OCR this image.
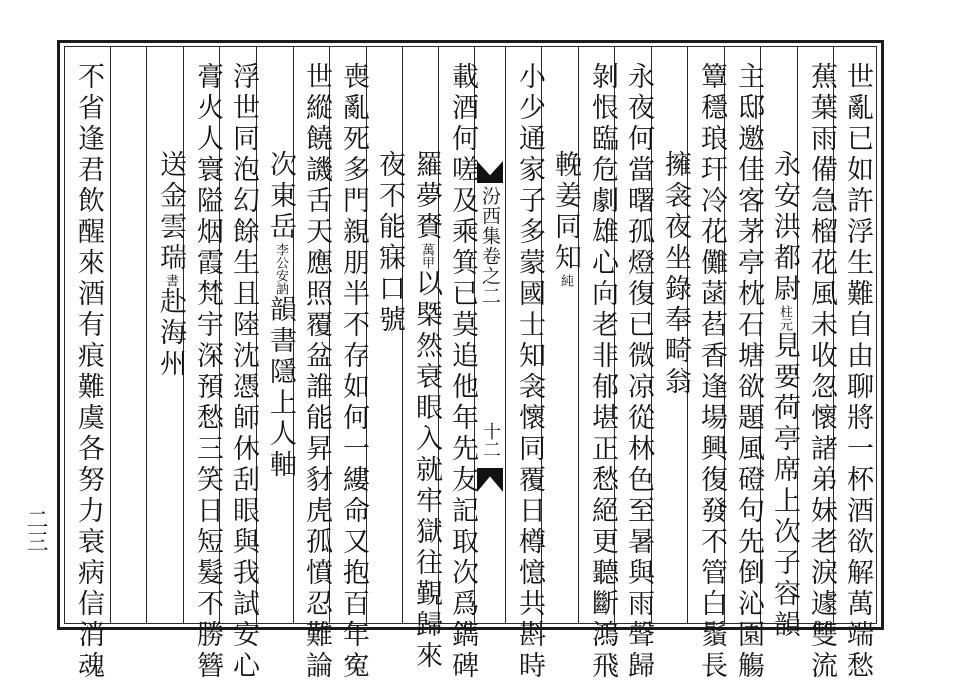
世亂已如許浮生難自由聊將一杯酒欲解萬端愁
蕉葉雨備急榴花風未收忽懷諸弟妹老淚遽雙流
永安洪都尉柱元見要荷亭席上次子容韻
主邸邀佳客茅亭枕石塘欲題風磴句先倒沁園觴
簟穩琅玕冷花儺菡萏香逢場興復發不管白鬚長
擁衾夜坐錄奉畸翁
永夜何當曙孤燈復已微凉從林色至暑與雨聲歸
剝恨臨危劇雄心向老非郁堪正愁絕更聽斷鴻飛
輓姜同知純
小少通家子多蒙國士知衾懷同覆日樽憶共斟時
汾西集卷之二
十二
載酒何嗟及乘箕已莫追他年先友記取次爲鐫碑
羅夢賚萬甲以槩然衰眼入就牢獄往覲歸來
夜不能寐口號
喪亂死多門親朋半不存如何一縷命又抱百年寃
世縱饒譏舌天應照覆盆誰能昇豺虎孤憤忍難論
次東岳李公安訥韻書隱上人軸
浮世同泡幻餘生且陸沈憑師休刮眼與我試安心
膏火人寰隘烟霞梵宇深預愁三笑日短髮不勝簪
送金雲瑞書赴海州
不省逢君飲醒來酒有痕難虞各努力衰病信消魂
二三
